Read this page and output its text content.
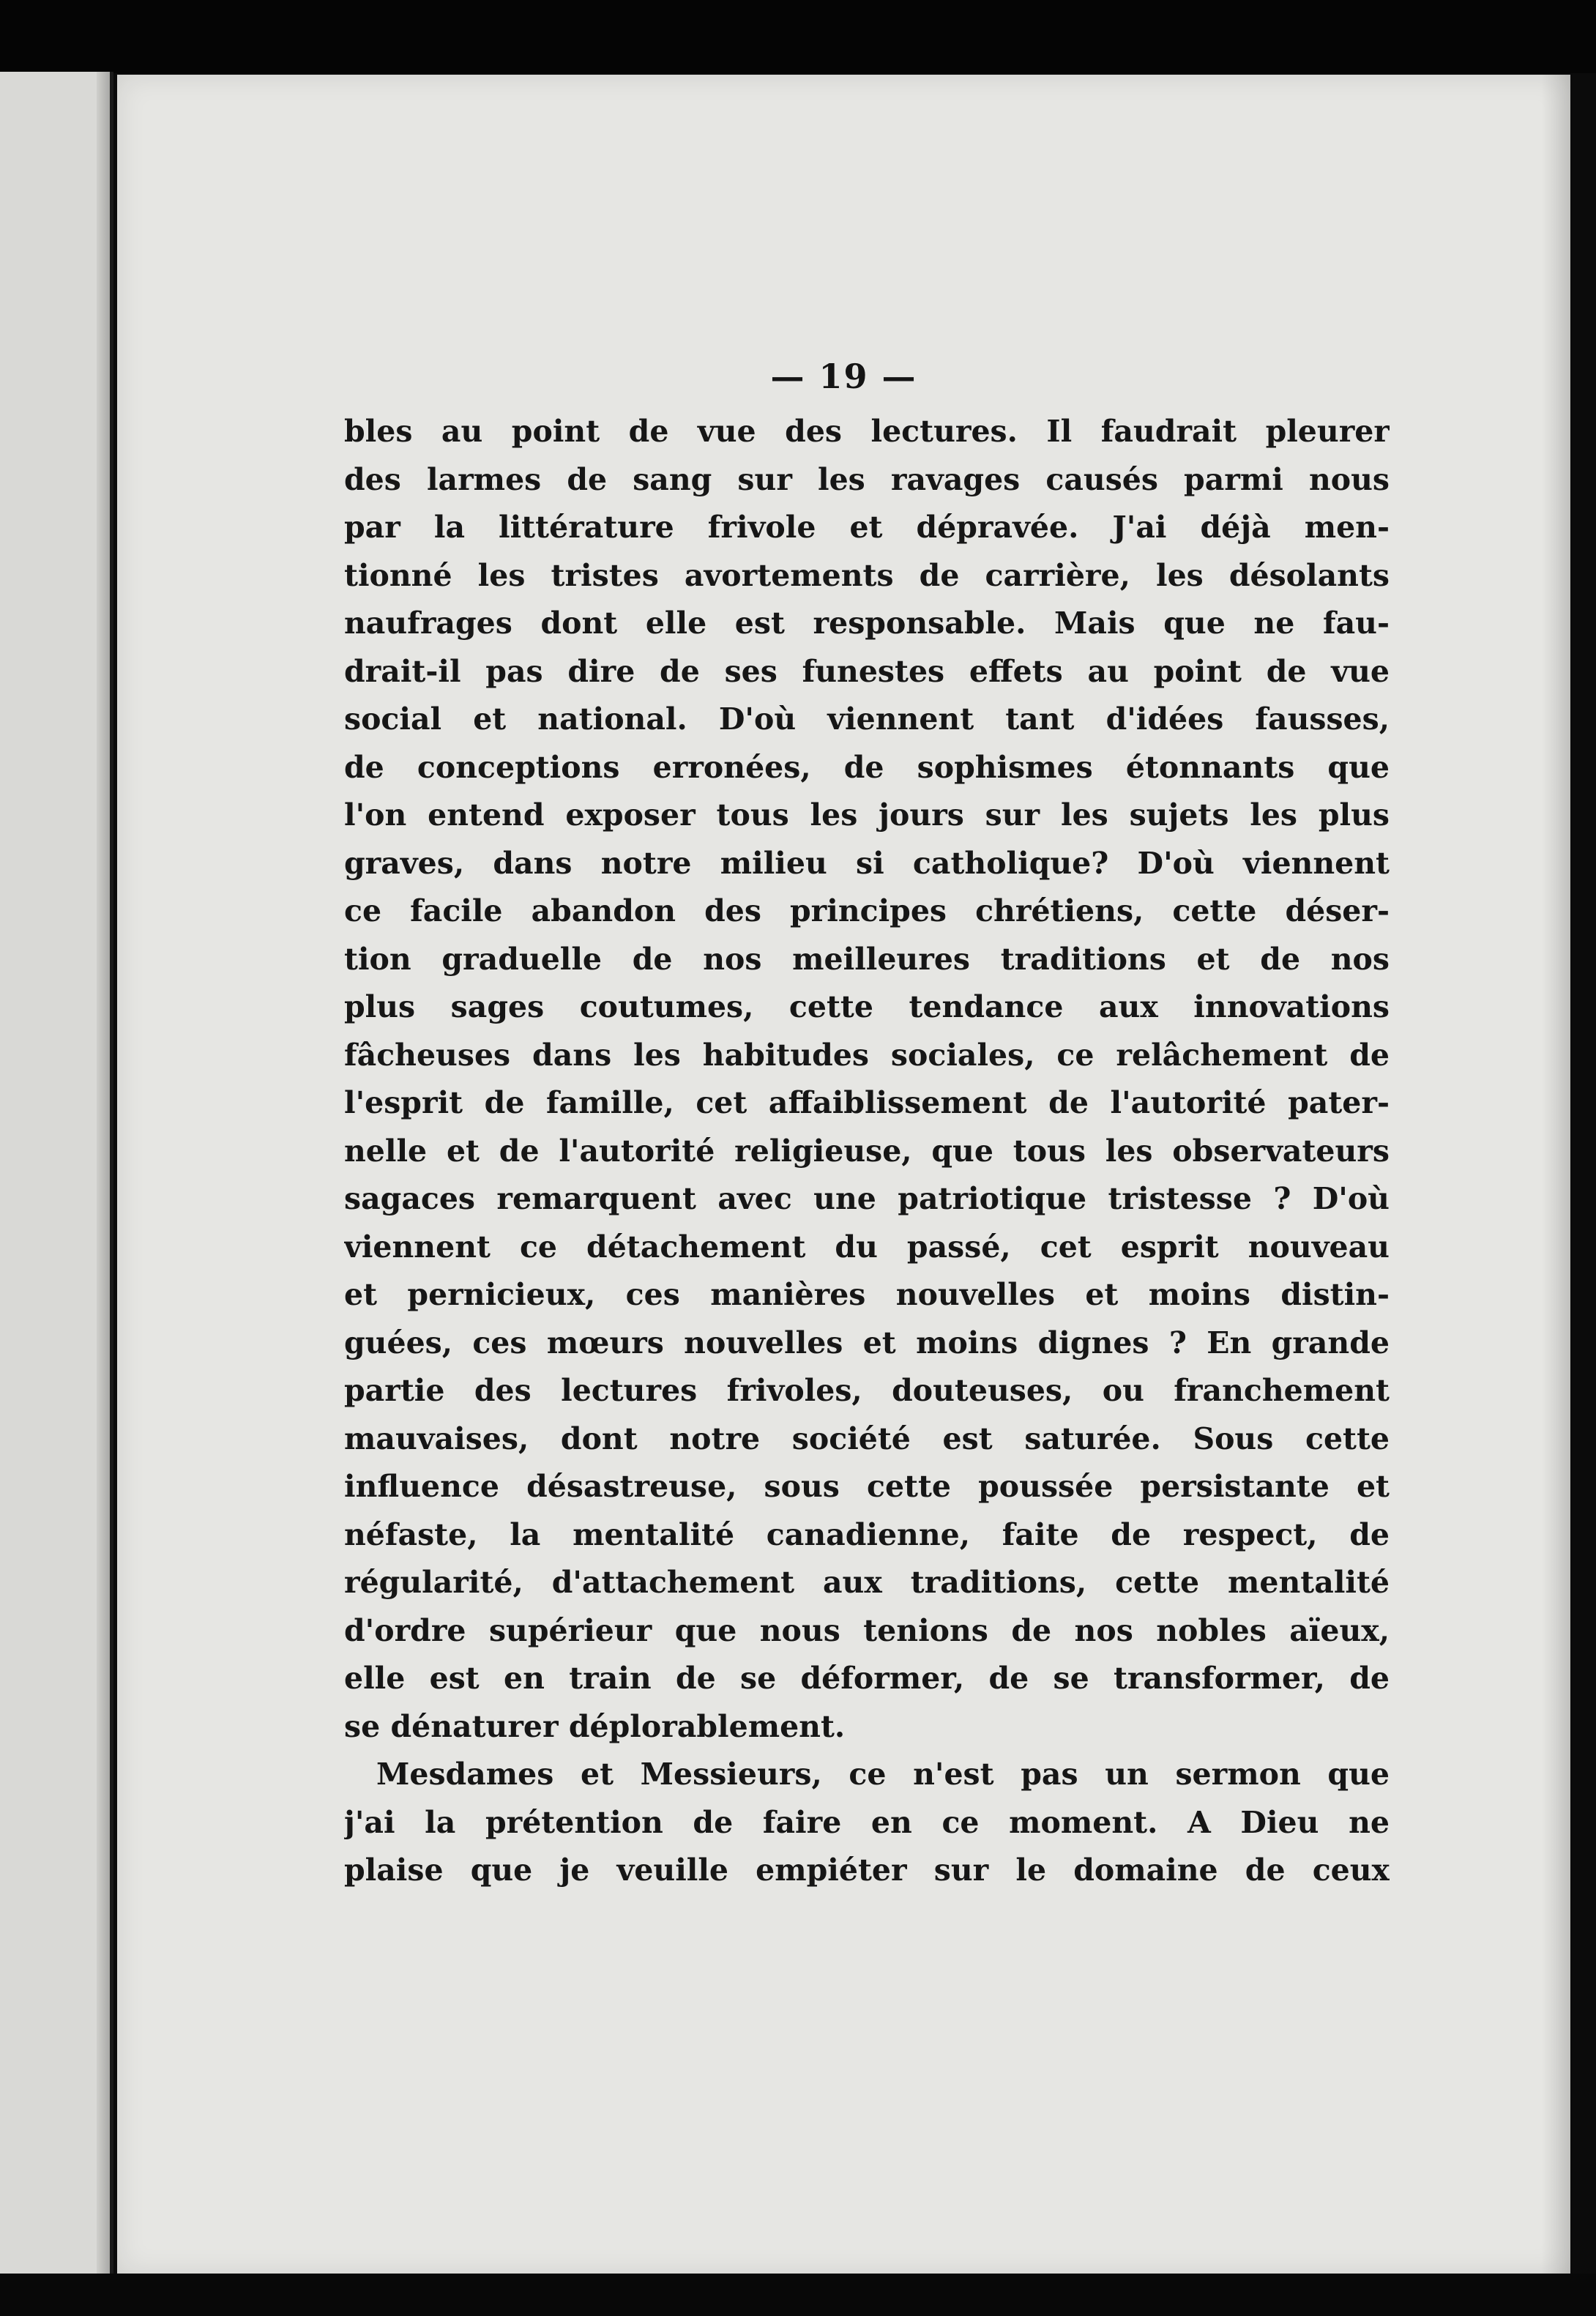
— 19 —

bles au point de vue des lectures. Il faudrait pleurer
des larmes de sang sur les ravages causés parmi nous
par la littérature frivole et dépravée. J'ai déjà men-
tionné les tristes avortements de carrière, les désolants
naufrages dont elle est responsable. Mais que ne fau-
drait-il pas dire de ses funestes effets au point de vue
social et national. D'où viennent tant d'idées fausses,
de conceptions erronées, de sophismes étonnants que
l'on entend exposer tous les jours sur les sujets les plus
graves, dans notre milieu si catholique? D'où viennent
ce facile abandon des principes chrétiens, cette déser-
tion graduelle de nos meilleures traditions et de nos
plus sages coutumes, cette tendance aux innovations
fâcheuses dans les habitudes sociales, ce relâchement de
l'esprit de famille, cet affaiblissement de l'autorité pater-
nelle et de l'autorité religieuse, que tous les observateurs
sagaces remarquent avec une patriotique tristesse ? D'où
viennent ce détachement du passé, cet esprit nouveau
et pernicieux, ces manières nouvelles et moins distin-
guées, ces mœurs nouvelles et moins dignes ? En grande
partie des lectures frivoles, douteuses, ou franchement
mauvaises, dont notre société est saturée. Sous cette
influence désastreuse, sous cette poussée persistante et
néfaste, la mentalité canadienne, faite de respect, de
régularité, d'attachement aux traditions, cette mentalité
d'ordre supérieur que nous tenions de nos nobles aïeux,
elle est en train de se déformer, de se transformer, de
se dénaturer déplorablement.

Mesdames et Messieurs, ce n'est pas un sermon que
j'ai la prétention de faire en ce moment. A Dieu ne
plaise que je veuille empiéter sur le domaine de ceux
